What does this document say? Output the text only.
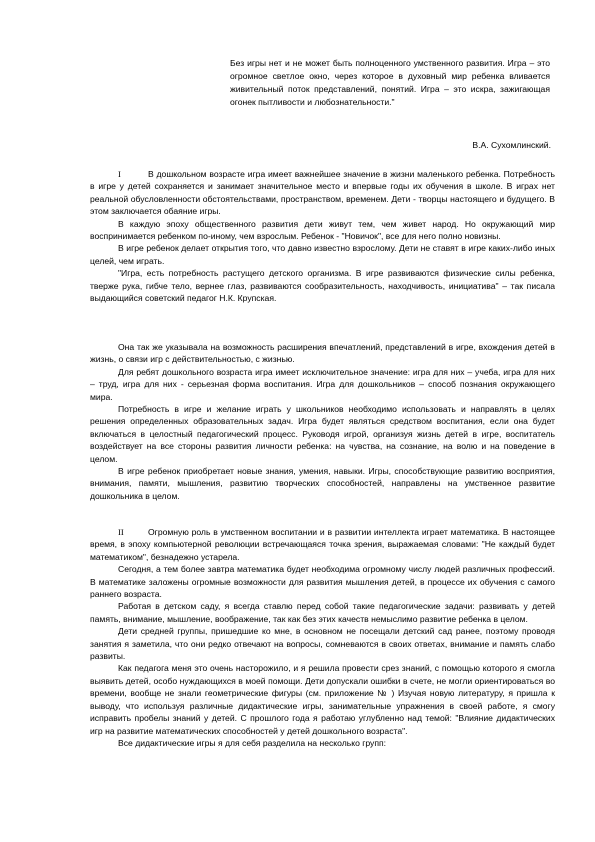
Без игры нет и не может быть полноценного умственного развития. Игра – это огромное светлое окно, через которое в духовный мир ребенка вливается живительный поток представлений, понятий. Игра – это искра, зажигающая огонек пытливости и любознательности."
В.А. Сухомлинский.

I	В дошкольном возрасте игра имеет важнейшее значение в жизни маленького ребенка. Потребность в игре у детей сохраняется и занимает значительное место и впервые годы их обучения в школе. В играх нет реальной обусловленности обстоятельствами, пространством, временем. Дети - творцы настоящего и будущего. В этом заключается обаяние игры.

В каждую эпоху общественного развития дети живут тем, чем живет народ. Но окружающий мир воспринимается ребенком по-иному, чем взрослым. Ребенок - "Новичок", все для него полно новизны.

В игре ребенок делает открытия того, что давно известно взрослому. Дети не ставят в игре каких-либо иных целей, чем играть.

"Игра, есть потребность растущего детского организма. В игре развиваются физические силы ребенка, тверже рука, гибче тело, вернее глаз, развиваются сообразительность, находчивость, инициатива" – так писала выдающийся советский педагог Н.К. Крупская.

Она так же указывала на возможность расширения впечатлений, представлений в игре, вхождения детей в жизнь, о связи игр с действительностью, с жизнью.

Для ребят дошкольного возраста игра имеет исключительное значение: игра для них – учеба, игра для них – труд, игра для них - серьезная форма воспитания. Игра для дошкольников – способ познания окружающего мира.

Потребность в игре и желание играть у школьников необходимо использовать и направлять в целях решения определенных образовательных задач. Игра будет являться средством воспитания, если она будет включаться в целостный педагогический процесс. Руководя игрой, организуя жизнь детей в игре, воспитатель воздействует на все стороны развития личности ребенка: на чувства, на сознание, на волю и на поведение в целом.

В игре ребенок приобретает новые знания, умения, навыки. Игры, способствующие развитию восприятия, внимания, памяти, мышления, развитию творческих способностей, направлены на умственное развитие дошкольника в целом.

II	Огромную роль в умственном воспитании и в развитии интеллекта играет математика. В настоящее время, в эпоху компьютерной революции встречающаяся точка зрения, выражаемая словами: "Не каждый будет математиком", безнадежно устарела.

Сегодня, а тем более завтра математика будет необходима огромному числу людей различных профессий. В математике заложены огромные возможности для развития мышления детей, в процессе их обучения с самого раннего возраста.

Работая в детском саду, я всегда ставлю перед собой такие педагогические задачи: развивать у детей память, внимание, мышление, воображение, так как без этих качеств немыслимо развитие ребенка в целом.

Дети средней группы, пришедшие ко мне, в основном не посещали детский сад ранее, поэтому проводя занятия я заметила, что они редко отвечают на вопросы, сомневаются в своих ответах, внимание и память слабо развиты.

Как педагога меня это очень насторожило, и я решила провести срез знаний, с помощью которого я смогла выявить детей, особо нуждающихся в моей помощи. Дети допускали ошибки в счете, не могли ориентироваться во времени, вообще не знали геометрические фигуры (см. приложение № ) Изучая новую литературу, я пришла к выводу, что используя различные дидактические игры, занимательные упражнения в своей работе, я смогу исправить пробелы знаний у детей. С прошлого года я работаю углубленно над темой: "Влияние дидактических игр на развитие математических способностей у детей дошкольного возраста".

Все дидактические игры я для себя разделила на несколько групп:
